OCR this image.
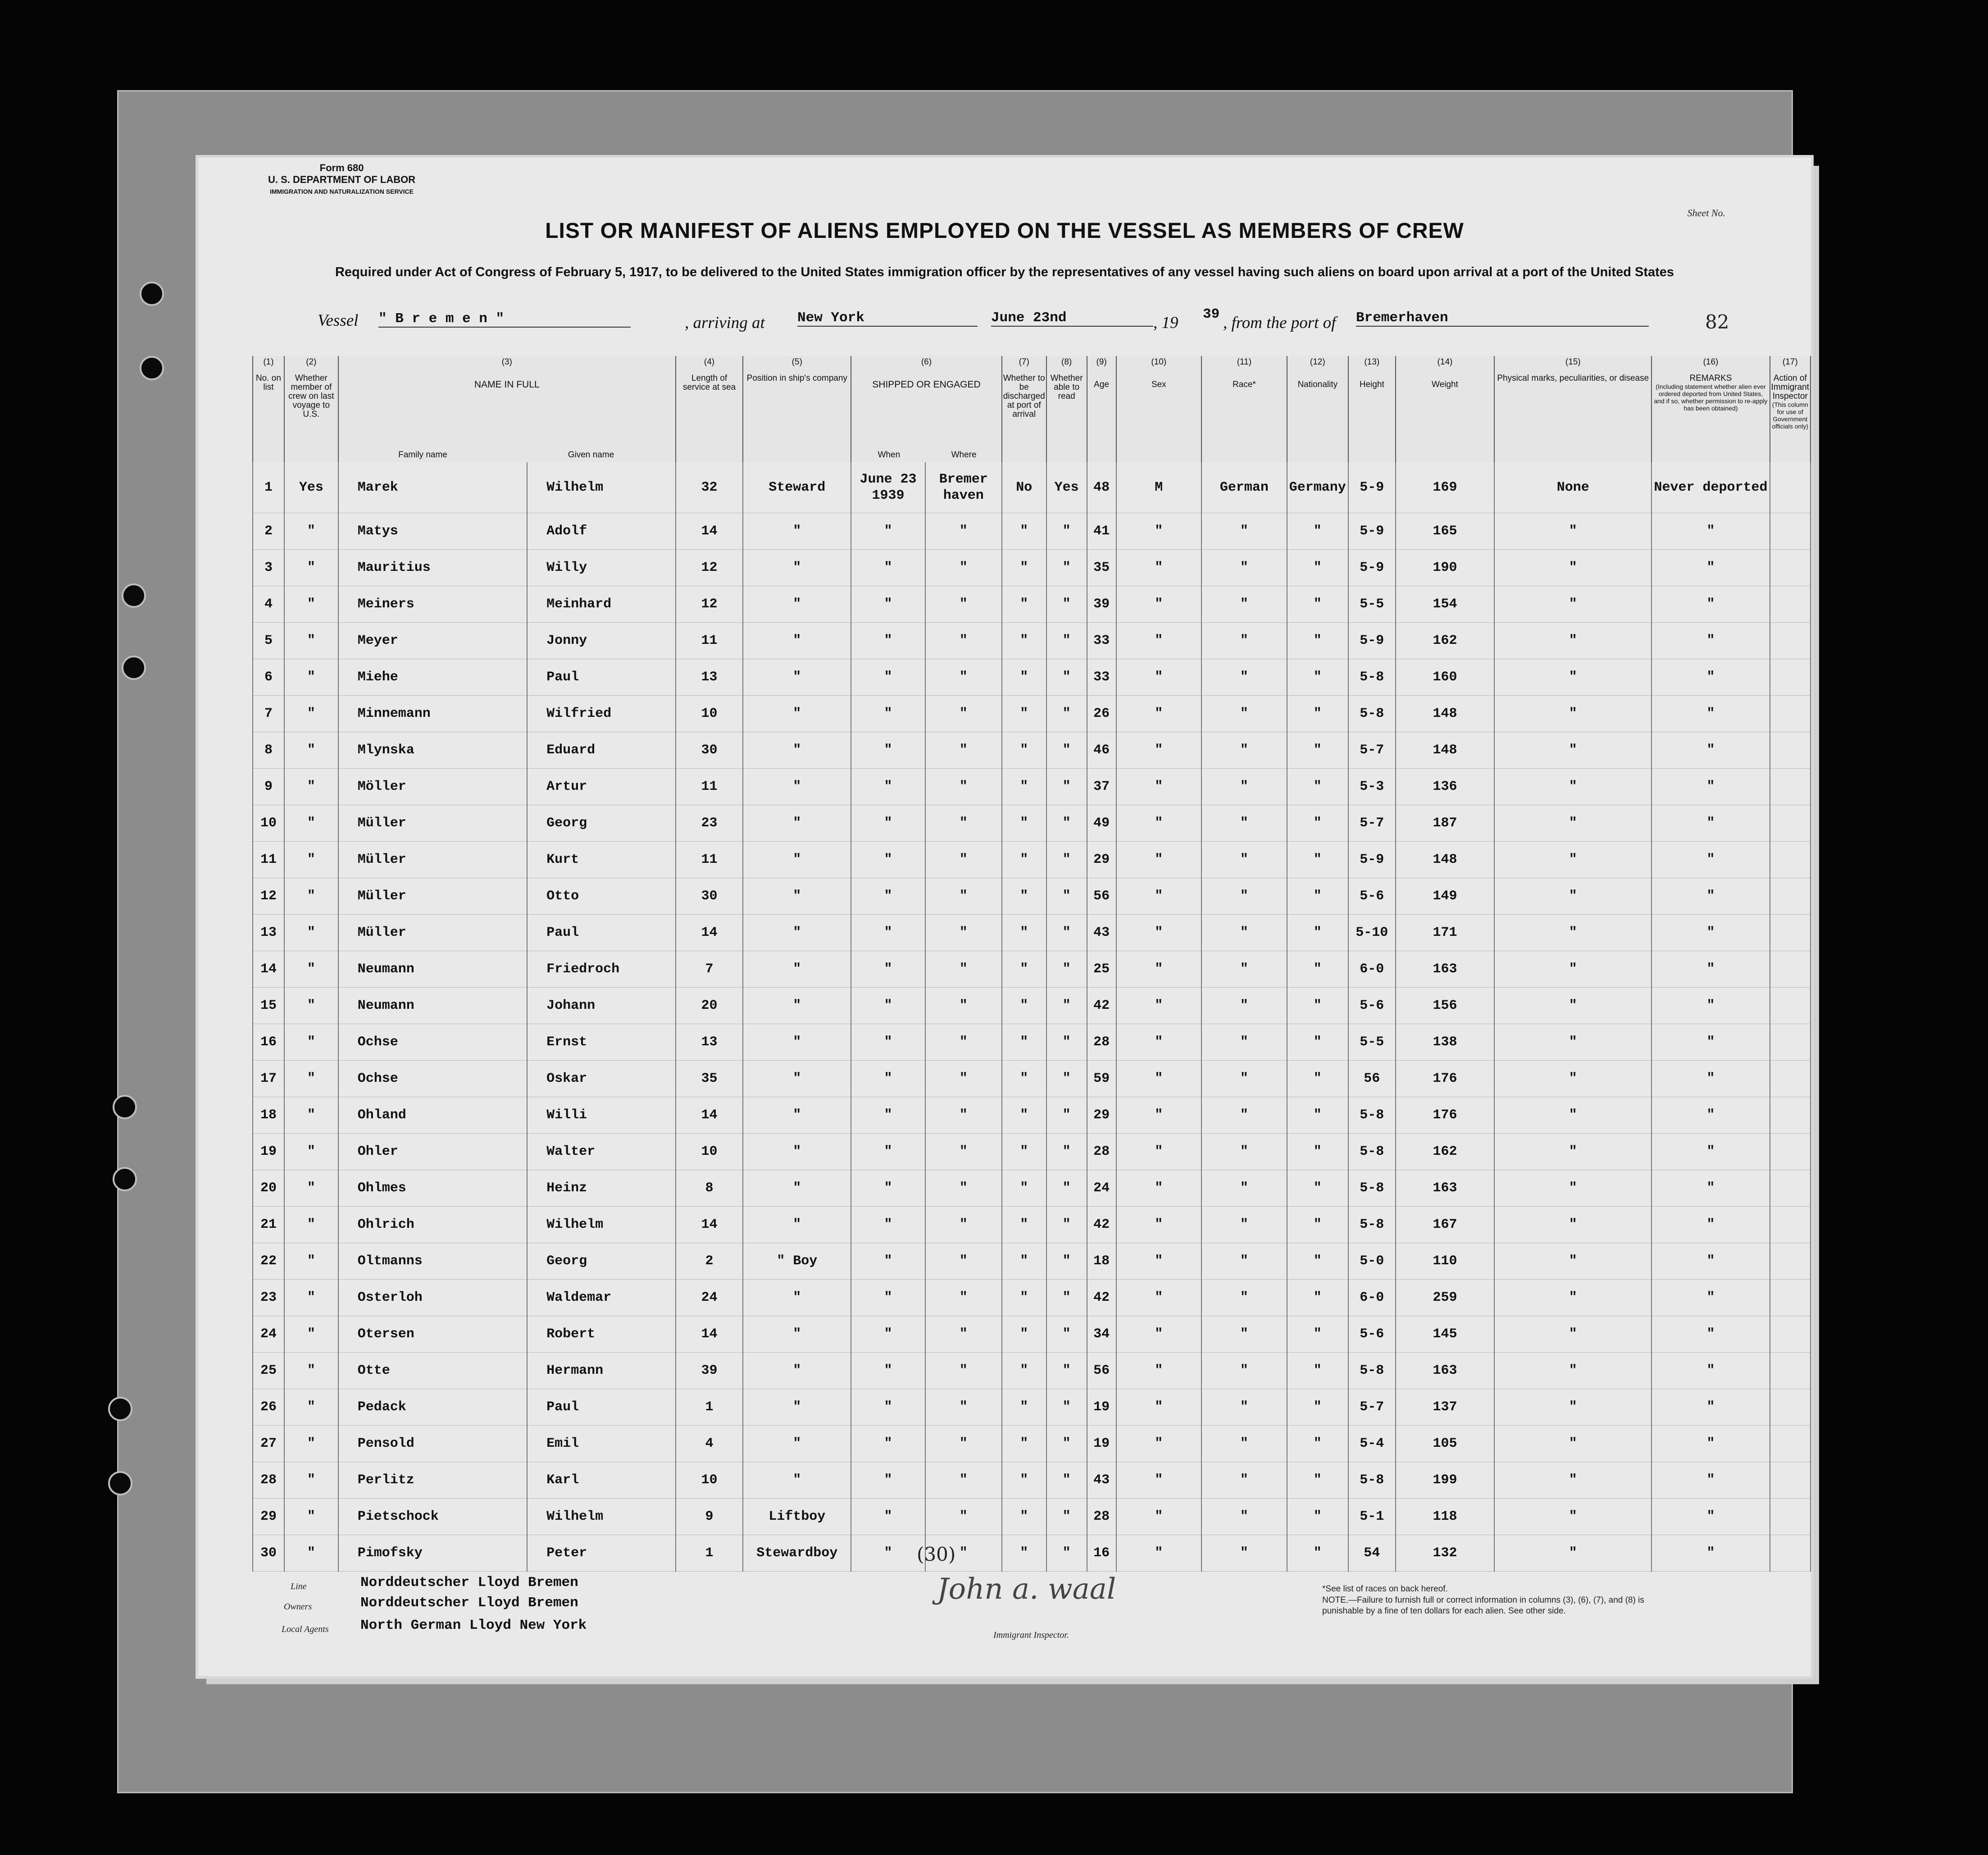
Form 680
U. S. DEPARTMENT OF LABOR
IMMIGRATION AND NATURALIZATION SERVICE
Sheet No.
LIST OR MANIFEST OF ALIENS EMPLOYED ON THE VESSEL AS MEMBERS OF CREW
Required under Act of Congress of February 5, 1917, to be delivered to the United States immigration officer by the representatives of any vessel having such aliens on board upon arrival at a port of the United States
Vessel " B r e m e n "	, arriving at New York	June 23nd	, 19 39 , from the port of Bremerhaven	82
(1)
No. on list	(2)
Whether member of crew on last voyage to U.S.	(3)
NAME IN FULL
Family name Given name		(4)
Length of service at sea	(5)
Position in ship's company	(6)
SHIPPED OR ENGAGED
When Where		(7)
Whether to be discharged at port of arrival	(8)
Whether able to read	(9)
Age	(10)
Sex	(11)
Race*	(12)
Nationality	(13)
Height	(14)
Weight	(15)
Physical marks, peculiarities, or disease	(16)
REMARKS
(Including statement whether alien ever ordered deported from United States, and if so, whether permission to re-apply has been obtained)	(17)
Action of Immigrant Inspector
(This column for use of Government officials only)

1	Yes	Marek	Wilhelm	32	Steward	June 23 1939	Bremer haven	No	Yes	48	M	German	Germany	5-9	169	None	Never deported	
2	"	Matys	Adolf	14	"	"	"	"	"	41	"	"	"	5-9	165	"	"	
3	"	Mauritius	Willy	12	"	"	"	"	"	35	"	"	"	5-9	190	"	"	
4	"	Meiners	Meinhard	12	"	"	"	"	"	39	"	"	"	5-5	154	"	"	
5	"	Meyer	Jonny	11	"	"	"	"	"	33	"	"	"	5-9	162	"	"	
6	"	Miehe	Paul	13	"	"	"	"	"	33	"	"	"	5-8	160	"	"	
7	"	Minnemann	Wilfried	10	"	"	"	"	"	26	"	"	"	5-8	148	"	"	
8	"	Mlynska	Eduard	30	"	"	"	"	"	46	"	"	"	5-7	148	"	"	
9	"	Möller	Artur	11	"	"	"	"	"	37	"	"	"	5-3	136	"	"	
10	"	Müller	Georg	23	"	"	"	"	"	49	"	"	"	5-7	187	"	"	
11	"	Müller	Kurt	11	"	"	"	"	"	29	"	"	"	5-9	148	"	"	
12	"	Müller	Otto	30	"	"	"	"	"	56	"	"	"	5-6	149	"	"	
13	"	Müller	Paul	14	"	"	"	"	"	43	"	"	"	5-10	171	"	"	
14	"	Neumann	Friedroch	7	"	"	"	"	"	25	"	"	"	6-0	163	"	"	
15	"	Neumann	Johann	20	"	"	"	"	"	42	"	"	"	5-6	156	"	"	
16	"	Ochse	Ernst	13	"	"	"	"	"	28	"	"	"	5-5	138	"	"	
17	"	Ochse	Oskar	35	"	"	"	"	"	59	"	"	"	56	176	"	"	
18	"	Ohland	Willi	14	"	"	"	"	"	29	"	"	"	5-8	176	"	"	
19	"	Ohler	Walter	10	"	"	"	"	"	28	"	"	"	5-8	162	"	"	
20	"	Ohlmes	Heinz	8	"	"	"	"	"	24	"	"	"	5-8	163	"	"	
21	"	Ohlrich	Wilhelm	14	"	"	"	"	"	42	"	"	"	5-8	167	"	"	
22	"	Oltmanns	Georg	2	" Boy	"	"	"	"	18	"	"	"	5-0	110	"	"	
23	"	Osterloh	Waldemar	24	"	"	"	"	"	42	"	"	"	6-0	259	"	"	
24	"	Otersen	Robert	14	"	"	"	"	"	34	"	"	"	5-6	145	"	"	
25	"	Otte	Hermann	39	"	"	"	"	"	56	"	"	"	5-8	163	"	"	
26	"	Pedack	Paul	1	"	"	"	"	"	19	"	"	"	5-7	137	"	"	
27	"	Pensold	Emil	4	"	"	"	"	"	19	"	"	"	5-4	105	"	"	
28	"	Perlitz	Karl	10	"	"	"	"	"	43	"	"	"	5-8	199	"	"	
29	"	Pietschock	Wilhelm	9	Liftboy	"	"	"	"	28	"	"	"	5-1	118	"	"	
30	"	Pimofsky	Peter	1	Stewardboy	"	"	"	"	16	"	"	"	54	132	"	"	
(30)
Line	Norddeutscher Lloyd Bremen
Owners	Norddeutscher Lloyd Bremen
Local Agents North German Lloyd New York
John a. waal
Immigrant Inspector.
*See list of races on back hereof.
NOTE.—Failure to furnish full or correct information in columns (3), (6), (7), and (8) is punishable by a fine of ten dollars for each alien. See other side.
